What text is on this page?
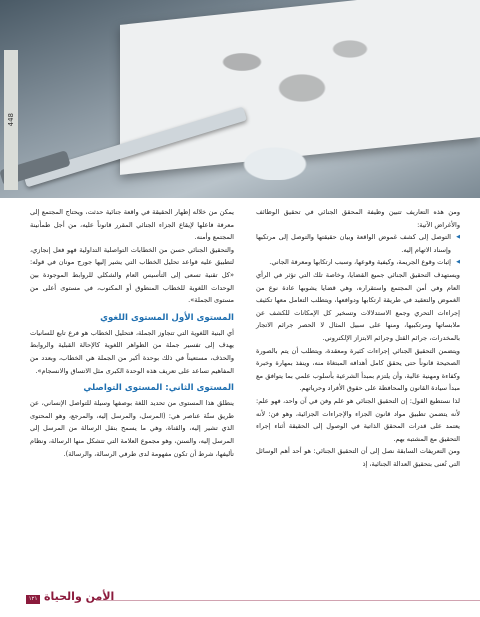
448

ومن هذه التعاريف تتبين وظيفة المحقق الجنائي في تحقيق الوظائف والأغراض الآتية:

◀ التوصل إلى كشف غموض الواقعة وبيان حقيقتها والتوصل إلى مرتكبها وإسناد الاتهام إليه.
◀ إثبات وقوع الجريمة، وكيفية وقوعها، وسبب ارتكابها ومعرفة الجاني.

ويستهدف التحقيق الجنائي جميع القضايا، وخاصة تلك التي تؤثر في الرأي العام وفي أمن المجتمع واستقراره، وهي قضايا يشوبها عادة نوع من الغموض والتعقيد في طريقة ارتكابها ودوافعها، ويتطلب التعامل معها تكثيف إجراءات التحري وجمع الاستدلالات وتسخير كل الإمكانات للكشف عن ملابساتها ومرتكبيها، ومنها على سبيل المثال لا الحصر جرائم الاتجار بالمخدرات، جرائم القتل وجرائم الابتزاز الإلكتروني.

ويتضمن التحقيق الجنائي إجراءات كثيرة ومعقدة، ويتطلب أن يتم بالصورة الصحيحة قانوناً حتى يحقق كامل أهدافه المبتغاة منه، وينفذ بمهارة وخبرة وكفاءة ومهنية عالية، وأن يلتزم بمبدأ الشرعية بأسلوب علمي بما يتوافق مع مبدأ سيادة القانون والمحافظة على حقوق الأفراد وحرياتهم.

لذا نستطيع القول: إن التحقيق الجنائي هو علم وفن في آن واحد، فهو علم: لأنه يتضمن تطبيق مواد قانون الجزاء والإجراءات الجزائية، وهو فن: لأنه يعتمد على قدرات المحقق الذاتية في الوصول إلى الحقيقة أثناء إجراء التحقيق مع المشتبه بهم.

ومن التعريفات السابقة نصل إلى أن التحقيق الجنائي: هو أحد أهم الوسائل التي تُعنى بتحقيق العدالة الجنائية، إذ

يمكن من خلاله إظهار الحقيقة في واقعة جنائية حدثت، ويحتاج المجتمع إلى معرفة فاعلها لإيقاع الجزاء الجنائي المقرر قانوناً عليه، من أجل طمأنينة المجتمع وأمنه.

والتحقيق الجنائي حسن من الخطابات التواصلية التداولية فهو فعل إنجازي، لتطبيق عليه قواعد تحليل الخطاب التي يشير إليها جورج مونان في قوله: «كل تقنية تسعى إلى التأسيس العام والشكلي للروابط الموجودة بين الوحدات اللغوية للخطاب المنطوق أو المكتوب، في مستوى أعلى من مستوى الجملة».

المستوى الأول المستوى اللغوي

أي البنية اللغوية التي تتجاوز الجملة، فتحليل الخطاب هو فرع تابع للسانيات يهدف إلى تفسير جملة من الظواهر اللغوية كالإحالة القبلية والروابط والحذف، مستعيناً في ذلك بوحدة أكبر من الجملة هي الخطاب، وبعدد من المفاهيم تساعد على تعريف هذه الوحدة الكبرى مثل الاتساق والانسجام».

المستوى الثاني: المستوى التواصلي

ينطلق هذا المستوى من تحديد اللغة بوصفها وسيلة للتواصل الإنساني، عن طريق ستّة عناصر هي: (المرسل، والمرسل إليه، والمرجع، وهو المحتوى الذي تشير إليه، والقناة، وهي ما يسمح بنقل الرسالة من المرسل إلى المرسل إليه، والسنن، وهو مجموع العلامة التي تتشكل منها الرسالة، ونظام تأليفها، شرط أن تكون مفهومة لدى طرفي الرسالة، والرسالة).

١٢١ الأمن والحياة
